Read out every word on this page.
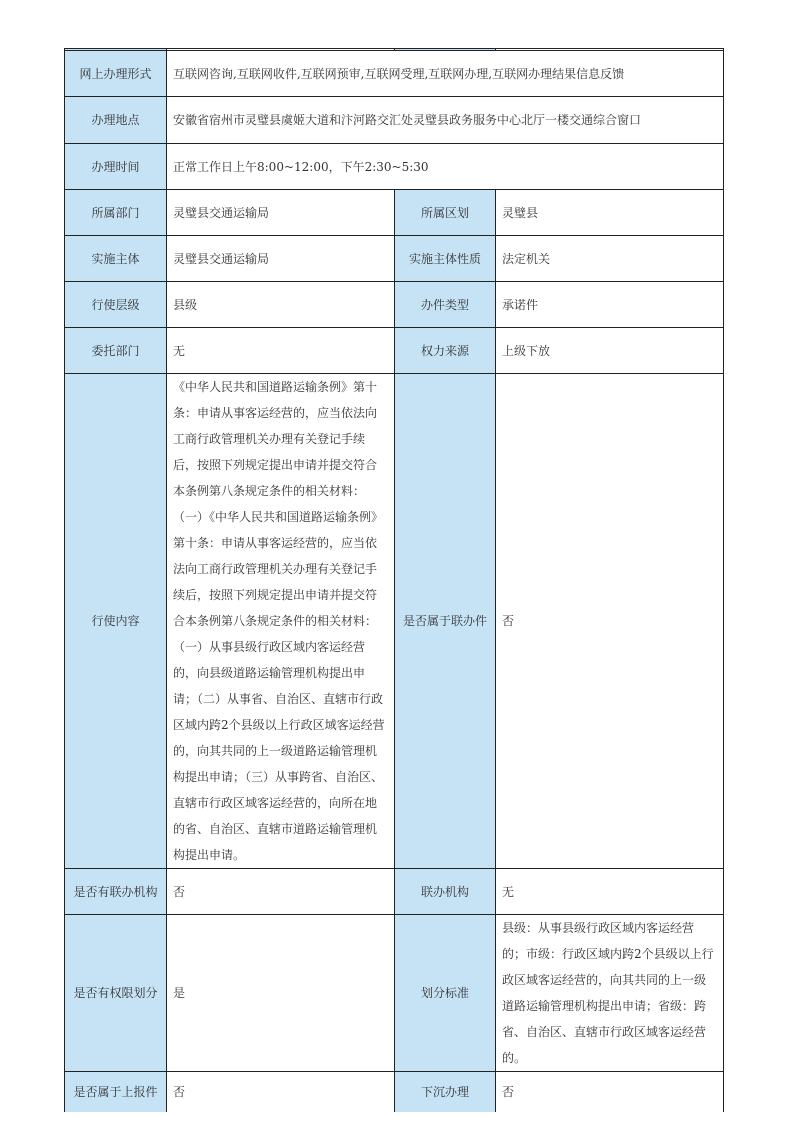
网上办理形式	互联网咨询,互联网收件,互联网预审,互联网受理,互联网办理,互联网办理结果信息反馈		
办理地点	安徽省宿州市灵璧县虞姬大道和汴河路交汇处灵璧县政务服务中心北厅一楼交通综合窗口		
办理时间	正常工作日上午8:00~12:00，下午2:30~5:30		
所属部门	灵璧县交通运输局	所属区划	灵璧县
实施主体	灵璧县交通运输局	实施主体性质	法定机关
行使层级	县级	办件类型	承诺件
委托部门	无	权力来源	上级下放
行使内容	《中华人民共和国道路运输条例》第十条：申请从事客运经营的，应当依法向工商行政管理机关办理有关登记手续后，按照下列规定提出申请并提交符合本条例第八条规定条件的相关材料：（一）《中华人民共和国道路运输条例》第十条：申请从事客运经营的，应当依法向工商行政管理机关办理有关登记手续后，按照下列规定提出申请并提交符合本条例第八条规定条件的相关材料：（一）从事县级行政区域内客运经营的，向县级道路运输管理机构提出申请；（二）从事省、自治区、直辖市行政区域内跨2个县级以上行政区域客运经营的，向其共同的上一级道路运输管理机构提出申请；（三）从事跨省、自治区、直辖市行政区域客运经营的，向所在地的省、自治区、直辖市道路运输管理机构提出申请。	是否属于联办件	否
是否有联办机构	否	联办机构	无
是否有权限划分	是	划分标准	县级：从事县级行政区域内客运经营的；市级：行政区域内跨2个县级以上行政区域客运经营的，向其共同的上一级道路运输管理机构提出申请；省级：跨省、自治区、直辖市行政区域客运经营的。
是否属于上报件	否	下沉办理	否
